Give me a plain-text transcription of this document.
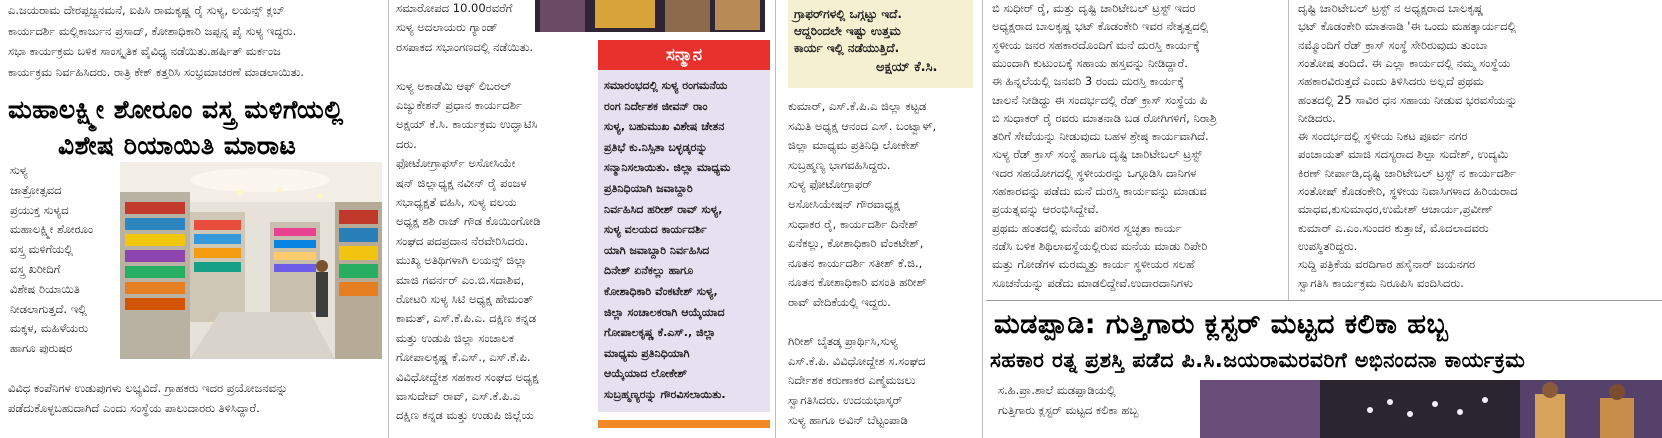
ಎ.ಜಯರಾಮ ದೇರಪ್ಪಜ್ಜನಮನೆ, ಐಪಿಸಿ ರಾಮಕೃಷ್ಣ ರೈ ಸುಳ್ಯ, ಲಯನ್ಸ್ ಕ್ಲಬ್
ಕಾರ್ಯದರ್ಶಿ ಮಲ್ಲಿಕಾರ್ಜುನ ಪ್ರಸಾದ್, ಕೋಶಾಧಿಕಾರಿ ಜಪ್ಪನ್ನ ಪೈ ಸುಳ್ಯ ಇದ್ದರು.
ಸಭಾ ಕಾರ್ಯಕ್ರಮ ಬಳಿಕ ಸಾಂಸ್ಕೃತಿಕ ವೈವಿಧ್ಯ ನಡೆಯಿತು.ಹರ್ಷಿತ್ ಮರ್ಕಂಜ
ಕಾರ್ಯಕ್ರಮ ನಿರ್ವಹಿಸಿದರು. ರಾತ್ರಿ ಕೇಕ್ ಕತ್ತರಿಸಿ ಸಂಭ್ರಮಾಚರಣೆ ಮಾಡಲಾಯಿತು.
ಮಹಾಲಕ್ಷ್ಮೀ ಶೋರೂಂ ವಸ್ತ್ರ ಮಳಿಗೆಯಲ್ಲಿ
ವಿಶೇಷ ರಿಯಾಯಿತಿ ಮಾರಾಟ
ಸುಳ್ಯ
ಜಾತ್ರೋತ್ಸವದ
ಪ್ರಯುಕ್ತ ಸುಳ್ಯದ
ಮಹಾಲಕ್ಷ್ಮೀ ಶೋರೂಂ
ವಸ್ತ್ರ ಮಳಿಗೆಯಲ್ಲಿ
ವಸ್ತ್ರ ಖರೀದಿಗೆ
ವಿಶೇಷ ರಿಯಾಯಿತಿ
ನೀಡಲಾಗುತ್ತದೆ. ಇಲ್ಲಿ
ಮಕ್ಕಳ, ಮಹಿಳೆಯರು
ಹಾಗೂ ಪುರುಷರ
ವಿವಿಧ ಕಂಪೆನಿಗಳ ಉಡುಪುಗಳು ಲಭ್ಯವಿದೆ. ಗ್ರಾಹಕರು ಇದರ ಪ್ರಯೋಜನವನ್ನು
ಪಡೆದುಕೊಳ್ಳಬಹುದಾಗಿದೆ ಎಂದು ಸಂಸ್ಥೆಯ ಪಾಲುದಾರರು ತಿಳಿಸಿದ್ದಾರೆ.
ಸಮಾರೋಪದ 10.00ರವರೆಗೆ
ಸುಳ್ಯ ಅದಲಾಯರು ಗ್ಯಾಂಡ್
ರಸಪಾಕದ ಸಭಾಂಗಣದಲ್ಲಿ ನಡೆಯಿತು.
ಸುಳ್ಯ ಅಕಾಡೆಮಿ ಆಫ್ ಲಿಬರಲ್
ಎಜ್ಯುಕೇಶನ್ ಪ್ರಧಾನ ಕಾರ್ಯದರ್ಶಿ
ಅಕ್ಷಯ್ ಕೆ.ಸಿ. ಕಾರ್ಯಕ್ರಮ ಉದ್ಘಾಟಿಸಿ
ದರು.
ಫೋಟೋಗ್ರಾಫರ್ಸ್ ಅಸೋಸಿಯೇ
ಷನ್ ಜಿಲ್ಲಾಧ್ಯಕ್ಷ ನವೀನ್ ರೈ ಪಂಜಳ
ಸಭಾಧ್ಯಕ್ಷತೆ ವಹಿಸಿ, ಸುಳ್ಯ ವಲಯ
ಅಧ್ಯಕ್ಷ ಶಶಿ ರಾಜ್ ಗೌಡ ಕೊಯಿಂಗೋಡಿ
ಸಂಘದ ಪದಪ್ರದಾನ ನೆರವೇರಿಸಿದರು.
ಮುಖ್ಯ ಅತಿಥಿಗಳಾಗಿ ಲಯನ್ಸ್ ಜಿಲ್ಲಾ
ಮಾಜಿ ಗವರ್ನರ್ ಎಂ.ಬಿ.ಸದಾಶಿವ,
ರೋಟರಿ ಸುಳ್ಯ ಸಿಟಿ ಅಧ್ಯಕ್ಷ ಹೇಮಂತ್
ಕಾಮತ್, ಎಸ್.ಕೆ.ಪಿ.ಎ. ದಕ್ಷಿಣ ಕನ್ನಡ
ಮತ್ತು ಉಡುಪಿ ಜಿಲ್ಲಾ ಸಂಚಾಲಕ
ಗೋಪಾಲಕೃಷ್ಣ ಕೆ.ಎಸ್., ಎಸ್.ಕೆ.ಪಿ.
ವಿವಿಧೋದ್ದೇಶ ಸಹಕಾರ ಸಂಘದ ಅಧ್ಯಕ್ಷ
ವಾಸುದೇವ್ ರಾವ್, ಎಸ್.ಕೆ.ಪಿ.ಎ
ದಕ್ಷಿಣ ಕನ್ನಡ ಮತ್ತು ಉಡುಪಿ ಜಿಲ್ಲೆಯ
ಸನ್ಮಾನ
ಸಮಾರಂಭದಲ್ಲಿ ಸುಳ್ಯ ರಂಗಮನೆಯ
ರಂಗ ನಿರ್ದೇಶಕ ಜೀವನ್ ರಾಂ
ಸುಳ್ಯ, ಬಹುಮುಖ ವಿಶೇಷ ಚೇತನ
ಪ್ರತಿಭೆ ಕು.ನಿಸ್ಸಿತಾ ಬಳ್ಳಡ್ಕರನ್ನು
ಸನ್ಮಾನಿಸಲಾಯಿತು. ಜಿಲ್ಲಾ ಮಾಧ್ಯಮ
ಪ್ರತಿನಿಧಿಯಾಗಿ ಜವಾಬ್ದಾರಿ
ನಿರ್ವಹಿಸಿದ ಹರೀಶ್ ರಾವ್ ಸುಳ್ಯ,
ಸುಳ್ಯ ವಲಯದ ಕಾರ್ಯದರ್ಶಿ
ಯಾಗಿ ಜವಾಬ್ದಾರಿ ನಿರ್ವಹಿಸಿದ
ದಿನೇಶ್ ಏನೆಕಲ್ಲು ಹಾಗೂ
ಕೋಶಾಧಿಕಾರಿ ವೆಂಕಟೇಶ್ ಸುಳ್ಯ,
ಜಿಲ್ಲಾ ಸಂಚಾಲಕರಾಗಿ ಆಯ್ಕೆಯಾದ
ಗೋಪಾಲಕೃಷ್ಣ ಕೆ.ಎಸ್., ಜಿಲ್ಲಾ
ಮಾಧ್ಯಮ ಪ್ರತಿನಿಧಿಯಾಗಿ
ಆಯ್ಕೆಯಾದ ಲೋಕೇಶ್
ಸುಬ್ರಹ್ಮಣ್ಯರನ್ನು ಗೌರವಿಸಲಾಯಿತು.
ಗ್ರಾಫರ್‌ಗಳಲ್ಲಿ ಒಗ್ಗಟ್ಟು ಇದೆ.
ಆದ್ದರಿಂದಲೇ ಇಷ್ಟು ಉತ್ತಮ
ಕಾರ್ಯ ಇಲ್ಲಿ ನಡೆಯುತ್ತಿದೆ.
ಅಕ್ಷಯ್ ಕೆ.ಸಿ.
ಕುಮಾರ್, ಎಸ್.ಕೆ.ಪಿ.ಎ ಜಿಲ್ಲಾ ಕಟ್ಟಡ
ಸಮಿತಿ ಅಧ್ಯಕ್ಷ ಆನಂದ ಎಸ್. ಬಂಟ್ವಾಳ್,
ಜಿಲ್ಲಾ ಮಾಧ್ಯಮ ಪ್ರತಿನಿಧಿ ಲೋಕೇಶ್
ಸುಬ್ರಹ್ಮಣ್ಯ ಭಾಗವಹಿಸಿದ್ದರು.
ಸುಳ್ಯ ಫೋಟೋಗ್ರಾಫರ್
ಅಸೋಸಿಯೇಷನ್ ಗೌರವಾಧ್ಯಕ್ಷ
ಸುಧಾಕರ ರೈ, ಕಾರ್ಯದರ್ಶಿ ದಿನೇಶ್
ಏನೆಕಲ್ಲು, ಕೋಶಾಧಿಕಾರಿ ವೆಂಕಟೇಶ್,
ನೂತನ ಕಾರ್ಯದರ್ಶಿ ಸತೀಶ್ ಕೆ.ಜಿ.,
ನೂತನ ಕೋಶಾಧಿಕಾರಿ ವಸಂತಿ ಹರೀಶ್
ರಾವ್ ವೇದಿಕೆಯಲ್ಲಿ ಇದ್ದರು.
ಗಿರೀಶ್ ಬೈತಡ್ಕ ಪ್ರಾರ್ಥಿಸಿ,ಸುಳ್ಯ
ಎಸ್.ಕೆ.ಪಿ. ವಿವಿಧೋದ್ದೇಶ ಸ.ಸಂಘದ
ನಿರ್ದೇಶಕ ಕರುಣಾಕರ ಎಣ್ಮೆಮಜಲು
ಸ್ವಾಗತಿಸಿದರು. ಉದಯಭಾಸ್ಕರ್
ಸುಳ್ಯ ಹಾಗೂ ಅವಿನ್ ಬೆಟ್ಟಂಪಾಡಿ
ಬಿ ಸುಧೀರ್ ರೈ, ಮತ್ತು ದೃಷ್ಟಿ ಚಾರಿಟೇಬಲ್ ಟ್ರಸ್ಟ್ ಇದರ
ಅಧ್ಯಕ್ಷರಾದ ಬಾಲಕೃಷ್ಣ ಭಟ್ ಕೊಡಂಕೇರಿ ಇವರ ನೇತೃತ್ವದಲ್ಲಿ
ಸ್ಥಳೀಯ ಜನರ ಸಹಕಾರದೊಂದಿಗೆ ಮನೆ ದುರಸ್ತಿ ಕಾರ್ಯಕ್ಕೆ
ಮುಂದಾಗಿ ಕುಟುಂಬಕ್ಕೆ ಸಹಾಯ ಹಸ್ತವನ್ನು ನೀಡಿದ್ದಾರೆ.
ಈ ಹಿನ್ನಲೆಯಲ್ಲಿ ಜನವರಿ 3 ರಂದು ದುರಸ್ತಿ ಕಾರ್ಯಕ್ಕೆ
ಚಾಲನೆ ನೀಡಿದ್ದು ಈ ಸಂದರ್ಭದಲ್ಲಿ ರೆಡ್ ಕ್ರಾಸ್ ಸಂಸ್ಥೆಯ ಪಿ
ಬಿ ಸುಧಾಕರ್ ರೈ ರವರು ಮಾತನಾಡಿ ಬಡ ರೋಗಿಗಳಿಗೆ, ನಿರಾಶ್ರಿ
ತರಿಗೆ ಸೇವೆಯನ್ನು ನೀಡುವುದು ಬಹಳ ಶ್ರೇಷ್ಠ ಕಾರ್ಯವಾಗಿದೆ.
ಸುಳ್ಯ ರೆಡ್ ಕ್ರಾಸ್ ಸಂಸ್ಥೆ ಹಾಗೂ ದೃಷ್ಟಿ ಚಾರಿಟೇಬಲ್ ಟ್ರಸ್ಟ್
ಇದರ ಸಹಯೋಗದಲ್ಲಿ ಸ್ಥಳೀಯರನ್ನು ಒಗ್ಗೂಡಿಸಿ ದಾನಿಗಳ
ಸಹಕಾರವನ್ನು ಪಡೆದು ಮನೆ ದುರಸ್ತಿ ಕಾರ್ಯವನ್ನು ಮಾಡುವ
ಪ್ರಯತ್ನವನ್ನು ಆರಂಭಿಸಿದ್ದೇವೆ.
ಪ್ರಥಮ ಹಂತದಲ್ಲಿ ಮನೆಯ ಪರಿಸರ ಸ್ವಚ್ಛತಾ ಕಾರ್ಯ
ನಡೆಸಿ ಬಳಿಕ ಶಿಥಿಲಾವಸ್ಥೆಯಲ್ಲಿರುವ ಮನೆಯ ಮಾಡು ರಿಪೇರಿ
ಮತ್ತು ಗೋಡೆಗಳ ಮರಮ್ಮತ್ತು ಕಾರ್ಯ ಸ್ಥಳೀಯರ ಸಲಹೆ
ಸೂಚನೆಯನ್ನು ಪಡೆದು ಮಾಡಲಿದ್ದೇವೆ.ಉದಾರದಾನಿಗಳು
ದೃಷ್ಟಿ ಚಾರಿಟೇಬಲ್ ಟ್ರಸ್ಟ್ ನ ಅಧ್ಯಕ್ಷರಾದ ಬಾಲಕೃಷ್ಣ
ಭಟ್ ಕೊಡಂಕೇರಿ ಮಾತನಾಡಿ 'ಈ ಒಂದು ಮಹತ್ಕಾರ್ಯದಲ್ಲಿ
ನಮ್ಮೊಂದಿಗೆ ರೆಡ್ ಕ್ರಾಸ್ ಸಂಸ್ಥೆ ಸೇರಿರುವುದು ತುಂಬಾ
ಸಂತೋಷ ತಂದಿದೆ. ಈ ಎಲ್ಲಾ ಕಾರ್ಯದಲ್ಲಿ ನಮ್ಮ ಸಂಸ್ಥೆಯ
ಸಹಕಾರವಿರುತ್ತದೆ ಎಂದು ತಿಳಿಸಿದರು ಅಲ್ಲದೆ ಪ್ರಥಮ
ಹಂತದಲ್ಲಿ 25 ಸಾವಿರ ಧನ ಸಹಾಯ ನೀಡುವ ಭರವಸೆಯನ್ನು
ನೀಡಿದರು.
ಈ ಸಂದರ್ಭದಲ್ಲಿ ಸ್ಥಳೀಯ ನಿಕಟ ಪೂರ್ವ ನಗರ
ಪಂಚಾಯತ್ ಮಾಜಿ ಸದಸ್ಯರಾದ ಶಿಲ್ಪಾ ಸುದೇಶ್, ಉದ್ಯಮಿ
ಕಿರಣ್ ನೀರ್ಪಾಡಿ,ದೃಷ್ಟಿ ಚಾರಿಟೇಬಲ್ ಟ್ರಸ್ಟ್ ನ ಕಾರ್ಯದರ್ಶಿ
ಸಂತೋಷ್ ಕೊಡಂಕೇರಿ, ಸ್ಥಳೀಯ ನಿವಾಸಿಗಳಾದ ಹಿರಿಯರಾದ
ಮಾಧವ,ಕುಸುಮಾಧರ,ಉಮೇಶ್ ಆಚಾರ್ಯ,ಪ್ರವೀಣ್
ಕುಮಾರ್ ಎ.ಎಂ.ಸುಂದರ ಕುತ್ತಾಜೆ, ಮೊದಲಾದವರು
ಉಪಸ್ಥಿತರಿದ್ದರು.
ಸುದ್ದಿ ಪತ್ರಿಕೆಯ ವರದಿಗಾರ ಹಸೈನಾರ್ ಜಯನಗರ
ಸ್ವಾಗತಿಸಿ ಕಾರ್ಯಕ್ರಮ ನಿರೂಪಿಸಿ ವಂದಿಸಿದರು.
ಮಡಪ್ಪಾಡಿ: ಗುತ್ತಿಗಾರು ಕ್ಲಸ್ಟರ್ ಮಟ್ಟದ ಕಲಿಕಾ ಹಬ್ಬ
ಸಹಕಾರ ರತ್ನ ಪ್ರಶಸ್ತಿ ಪಡೆದ ಪಿ.ಸಿ.ಜಯರಾಮರವರಿಗೆ ಅಭಿನಂದನಾ ಕಾರ್ಯಕ್ರಮ
ಸ.ಹಿ.ಪ್ರಾ.ಶಾಲೆ ಮಡಪ್ಪಾಡಿಯಲ್ಲಿ
ಗುತ್ತಿಗಾರು ಕ್ಲಸ್ಟರ್ ಮಟ್ಟದ ಕಲಿಕಾ ಹಬ್ಬ
